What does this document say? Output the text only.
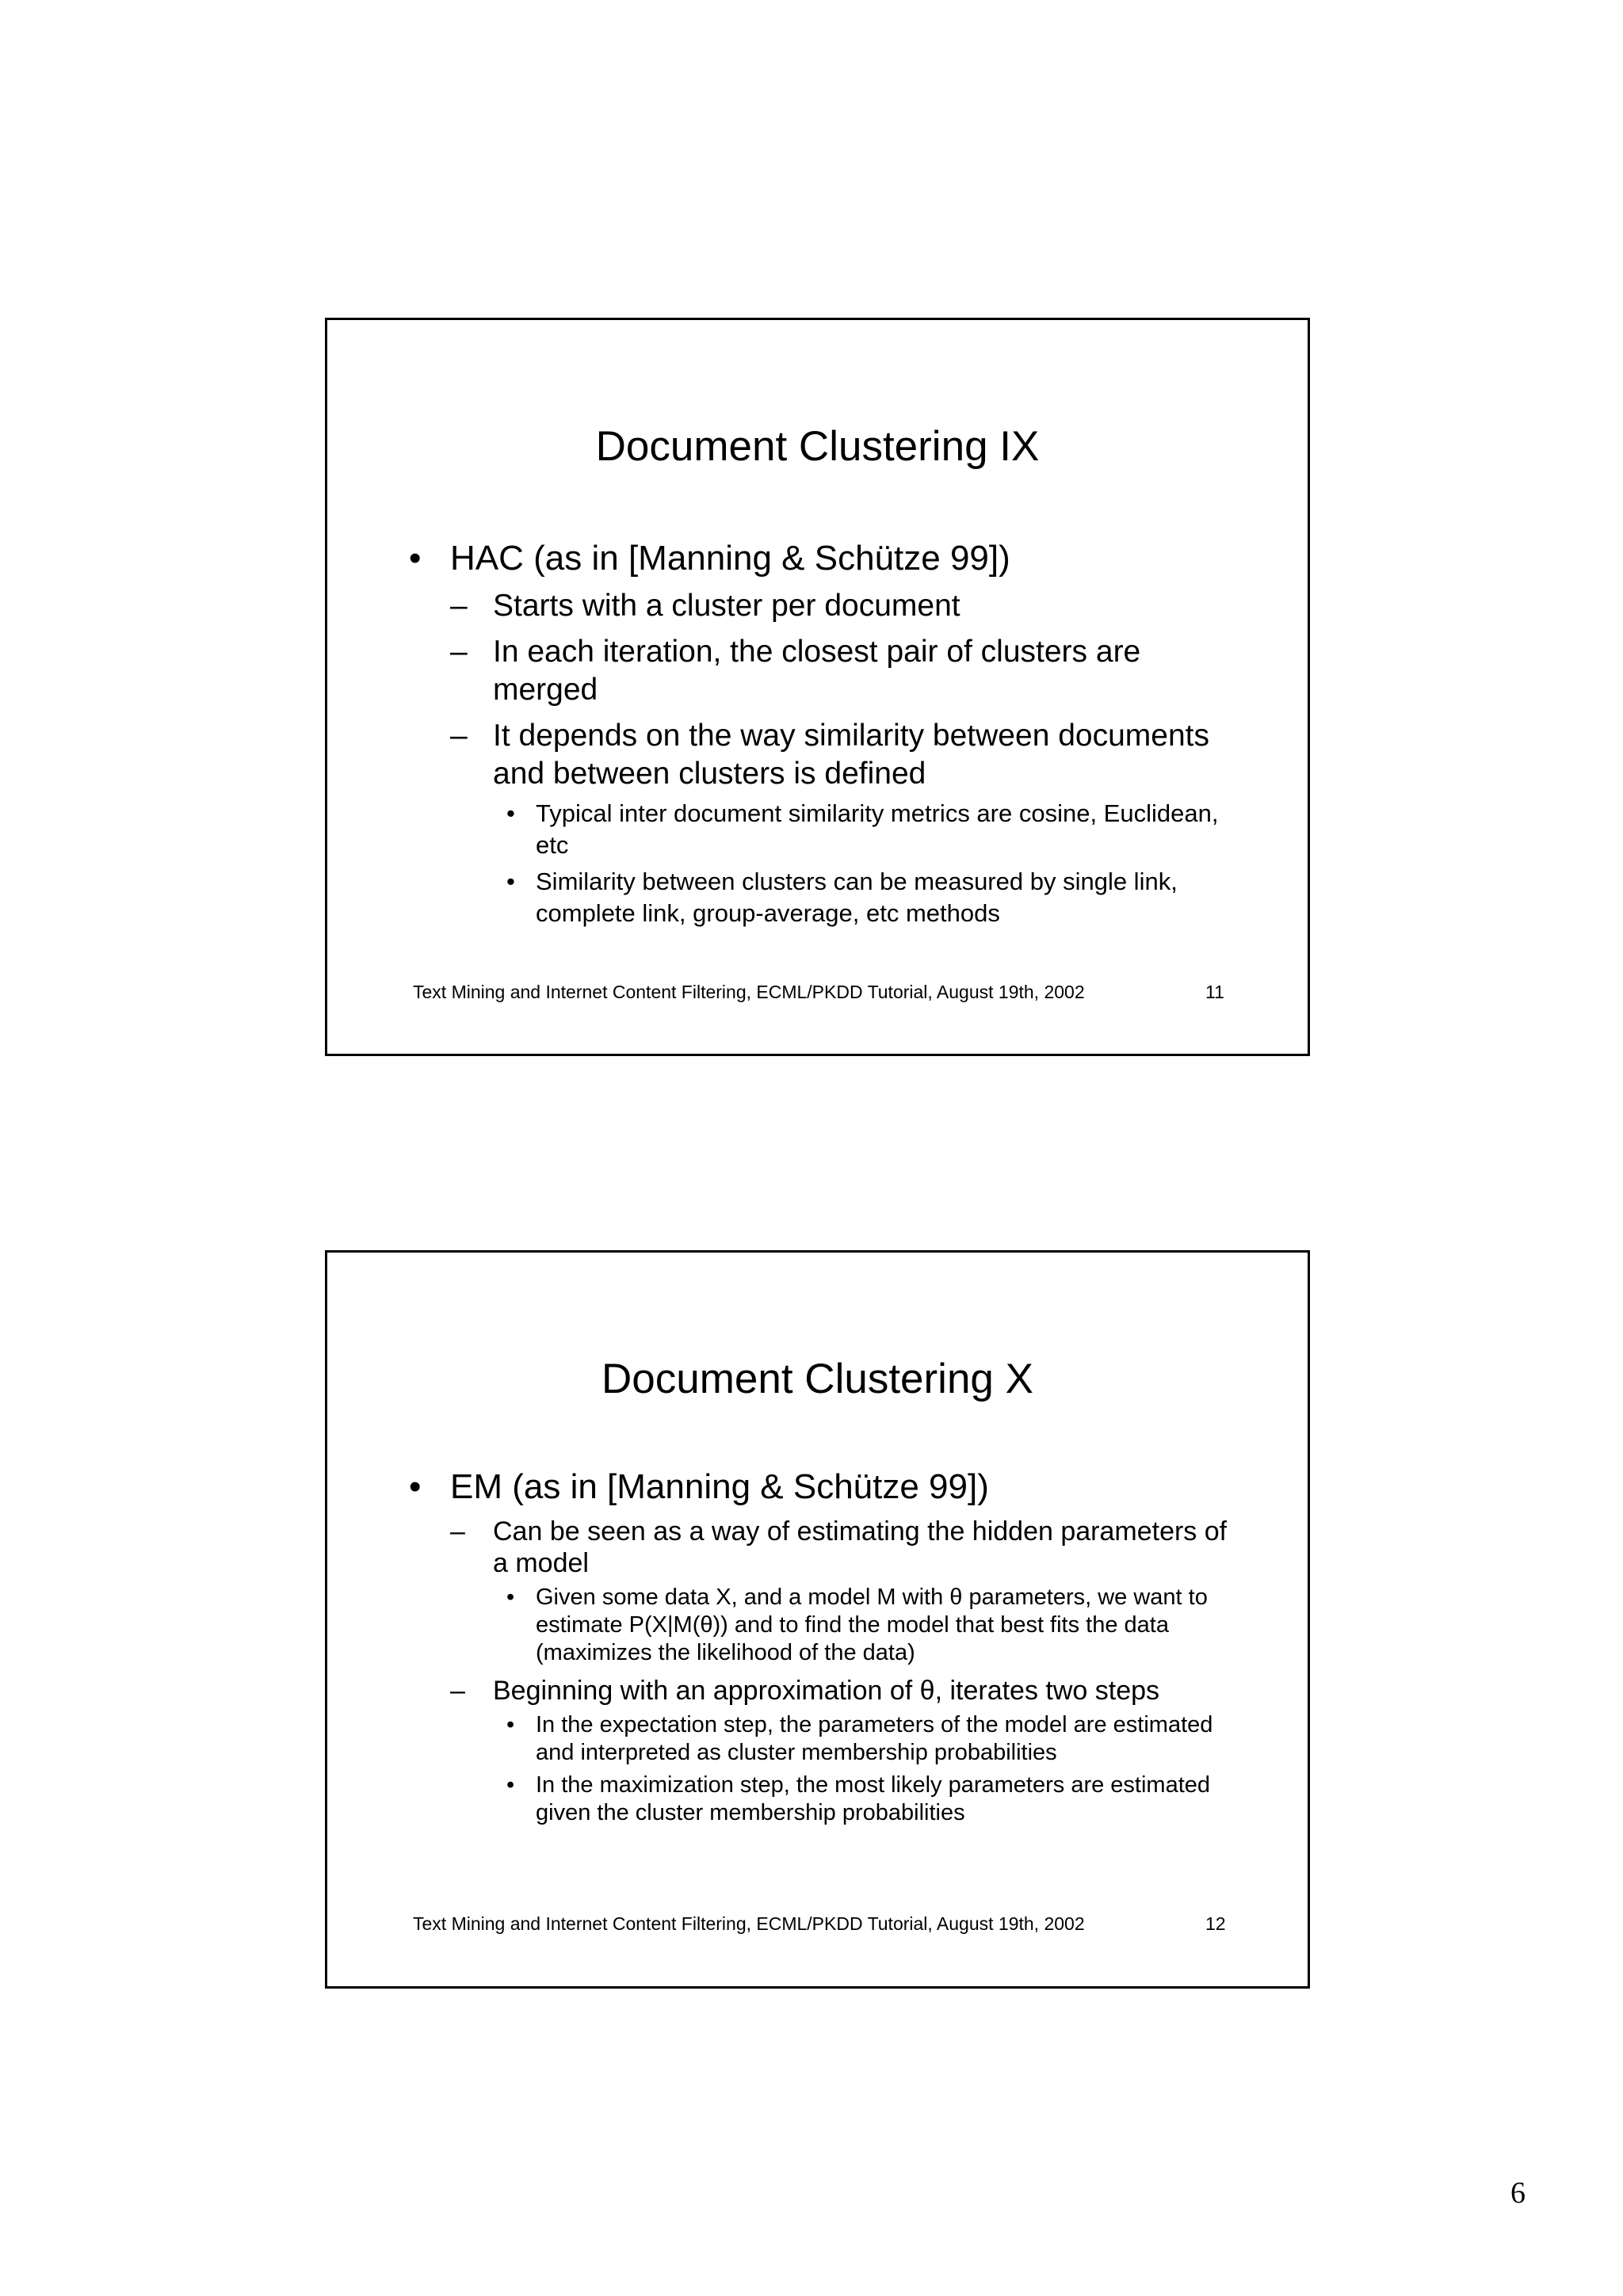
Document Clustering IX
• HAC (as in [Manning & Schütze 99])
– Starts with a cluster per document
– In each iteration, the closest pair of clusters are merged
– It depends on the way similarity between documents and between clusters is defined
• Typical inter document similarity metrics are cosine, Euclidean, etc
• Similarity between clusters can be measured by single link, complete link, group-average, etc methods
Text Mining and Internet Content Filtering, ECML/PKDD Tutorial, August 19th, 2002	11
Document Clustering X
• EM (as in [Manning & Schütze 99])
– Can be seen as a way of estimating the hidden parameters of a model
• Given some data X, and a model M with θ parameters, we want to estimate P(X|M(θ)) and to find the model that best fits the data (maximizes the likelihood of the data)
– Beginning with an approximation of θ, iterates two steps
• In the expectation step, the parameters of the model are estimated and interpreted as cluster membership probabilities
• In the maximization step, the most likely parameters are estimated given the cluster membership probabilities
Text Mining and Internet Content Filtering, ECML/PKDD Tutorial, August 19th, 2002	12
6
